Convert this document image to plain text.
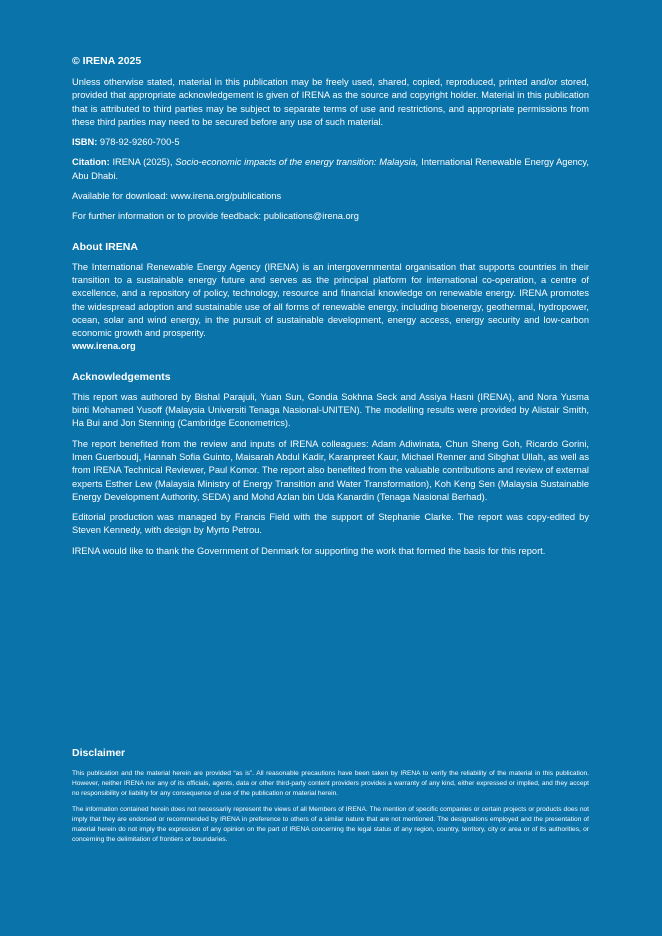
© IRENA 2025

Unless otherwise stated, material in this publication may be freely used, shared, copied, reproduced, printed and/or stored, provided that appropriate acknowledgement is given of IRENA as the source and copyright holder. Material in this publication that is attributed to third parties may be subject to separate terms of use and restrictions, and appropriate permissions from these third parties may need to be secured before any use of such material.

ISBN: 978-92-9260-700-5

Citation: IRENA (2025), Socio-economic impacts of the energy transition: Malaysia, International Renewable Energy Agency, Abu Dhabi.

Available for download: www.irena.org/publications

For further information or to provide feedback: publications@irena.org

About IRENA

The International Renewable Energy Agency (IRENA) is an intergovernmental organisation that supports countries in their transition to a sustainable energy future and serves as the principal platform for international co-operation, a centre of excellence, and a repository of policy, technology, resource and financial knowledge on renewable energy. IRENA promotes the widespread adoption and sustainable use of all forms of renewable energy, including bioenergy, geothermal, hydropower, ocean, solar and wind energy, in the pursuit of sustainable development, energy access, energy security and low-carbon economic growth and prosperity.
www.irena.org

Acknowledgements

This report was authored by Bishal Parajuli, Yuan Sun, Gondia Sokhna Seck and Assiya Hasni (IRENA), and Nora Yusma binti Mohamed Yusoff (Malaysia Universiti Tenaga Nasional-UNITEN). The modelling results were provided by Alistair Smith, Ha Bui and Jon Stenning (Cambridge Econometrics).

The report benefited from the review and inputs of IRENA colleagues: Adam Adiwinata, Chun Sheng Goh, Ricardo Gorini, Imen Guerboudj, Hannah Sofia Guinto, Maisarah Abdul Kadir, Karanpreet Kaur, Michael Renner and Sibghat Ullah, as well as from IRENA Technical Reviewer, Paul Komor. The report also benefited from the valuable contributions and review of external experts Esther Lew (Malaysia Ministry of Energy Transition and Water Transformation), Koh Keng Sen (Malaysia Sustainable Energy Development Authority, SEDA) and Mohd Azlan bin Uda Kanardin (Tenaga Nasional Berhad).

Editorial production was managed by Francis Field with the support of Stephanie Clarke. The report was copy-edited by Steven Kennedy, with design by Myrto Petrou.

IRENA would like to thank the Government of Denmark for supporting the work that formed the basis for this report.

Disclaimer

This publication and the material herein are provided “as is”. All reasonable precautions have been taken by IRENA to verify the reliability of the material in this publication. However, neither IRENA nor any of its officials, agents, data or other third-party content providers provides a warranty of any kind, either expressed or implied, and they accept no responsibility or liability for any consequence of use of the publication or material herein.

The information contained herein does not necessarily represent the views of all Members of IRENA. The mention of specific companies or certain projects or products does not imply that they are endorsed or recommended by IRENA in preference to others of a similar nature that are not mentioned. The designations employed and the presentation of material herein do not imply the expression of any opinion on the part of IRENA concerning the legal status of any region, country, territory, city or area or of its authorities, or concerning the delimitation of frontiers or boundaries.
